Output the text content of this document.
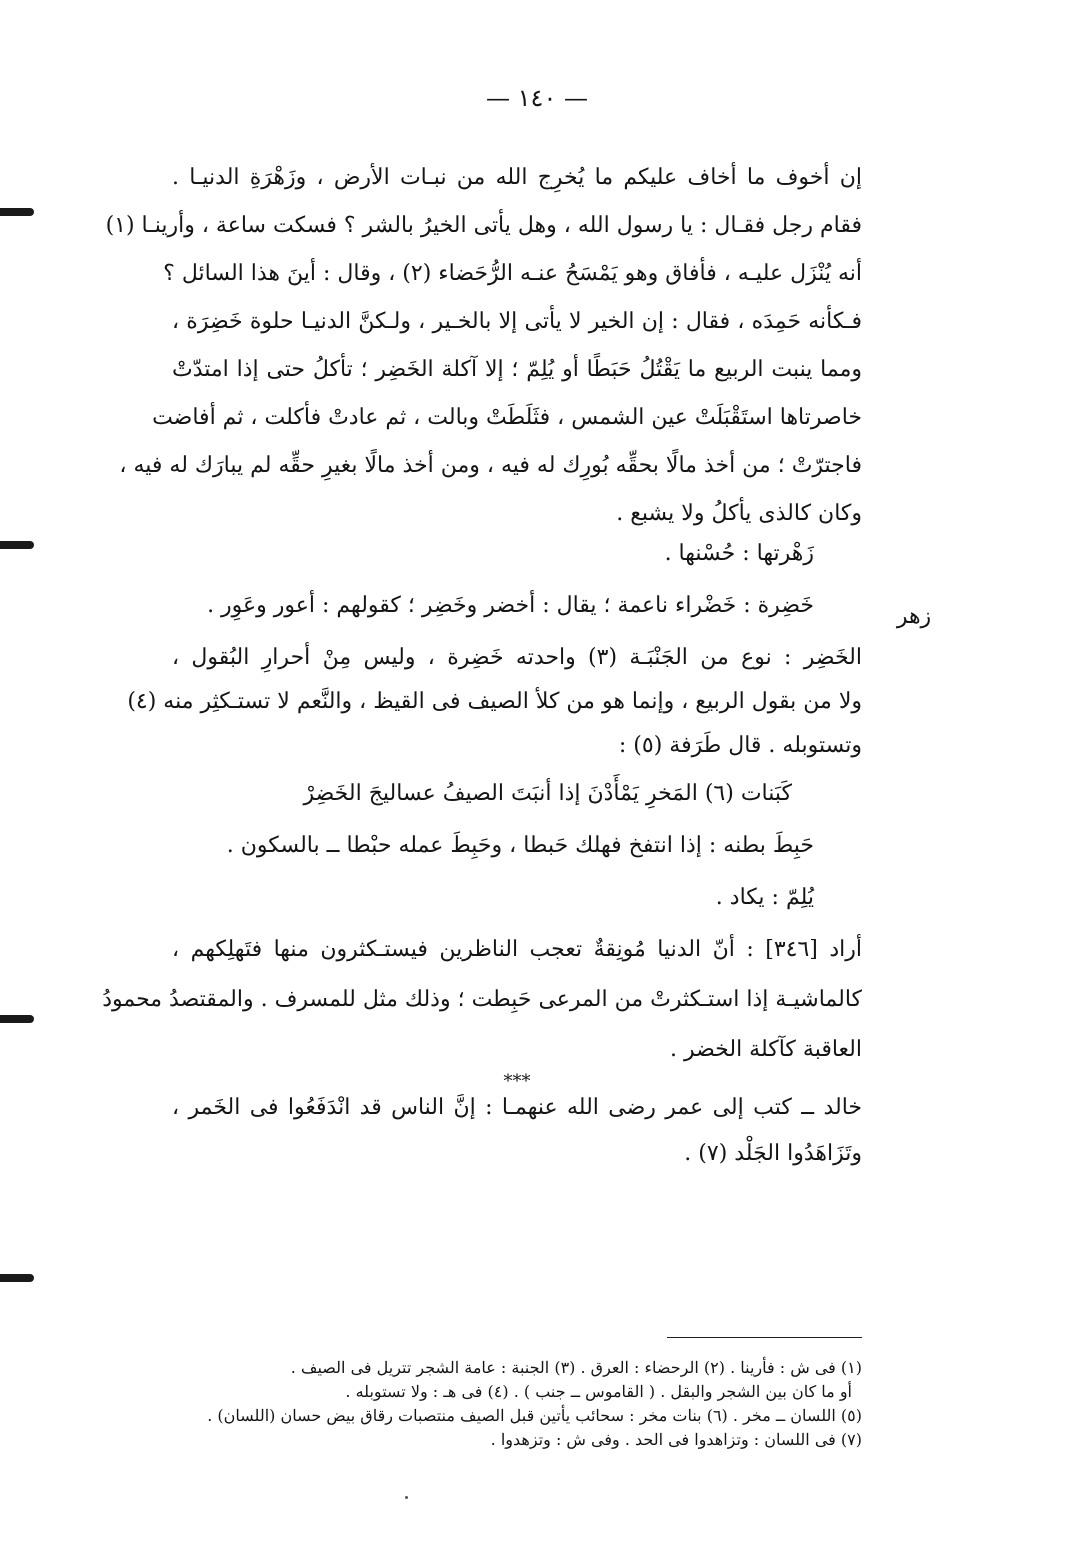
— ١٤٠ —
إن أخوف ما أخاف عليكم ما يُخرِج الله من نبـات الأرض ، وزَهْرَةِ الدنيـا .
فقام رجل فقـال : يا رسول الله ، وهل يأتى الخيرُ بالشر ؟ فسكت ساعة ، وأرينـا (١)
أنه يُنْزَل عليـه ، فأفاق وهو يَمْسَحُ عنـه الرُّحَضاء (٢) ، وقال : أينَ هذا السائل ؟
فـكأنه حَمِدَه ، فقال : إن الخير لا يأتى إلا بالخـير ، ولـكنَّ الدنيـا حلوة خَضِرَة ،
ومما ينبت الربيع ما يَقْتُلُ حَبَطًا أو يُلِمّ ؛ إلا آكلة الخَضِر ؛ تأكلُ حتى إذا امتدّتْ
خاصرتاها استَقْبَلَتْ عين الشمس ، فثَلَطَتْ وبالت ، ثم عادتْ فأكلت ، ثم أفاضت
فاجترّتْ ؛ من أخذ مالًا بحقِّه بُورِك له فيه ، ومن أخذ مالًا بغيرِ حقِّه لم يبارَك له فيه ،
وكان كالذى يأكلُ ولا يشبع .
زَهْرتها : حُسْنها .
خَضِرة : خَضْراء ناعمة ؛ يقال : أخضر وخَضِر ؛ كقولهم : أعور وعَوِر .
الخَضِر : نوع من الجَنْبَـة (٣) واحدته خَضِرة ، وليس مِنْ أحرارِ البُقول ،
ولا من بقول الربيع ، وإنما هو من كلأ الصيف فى القيظ ، والنَّعم لا تستـكثِر منه (٤)
وتستوبله . قال طَرَفة (٥) :
كَبَنات (٦) المَخرِ يَمْأَدْنَ إذا أنبَتَ الصيفُ عساليجَ الخَضِرْ
حَبِطَ بطنه : إذا انتفخ فهلك حَبطا ، وحَبِطَ عمله حبْطا ــ بالسكون .
يُلِمّ : يكاد .
أراد [٣٤٦] : أنّ الدنيا مُونِقةٌ تعجب الناظرين فيستـكثرون منها فتَهلِكهم ،
كالماشيـة إذا استـكثرتْ من المرعى حَبِطت ؛ وذلك مثل للمسرف . والمقتصدُ محمودُ
العاقبة كآكلة الخضر .
***
خالد ــ كتب إلى عمر رضى الله عنهمـا : إنَّ الناس قد انْدَفَعُوا فى الخَمر ،
وتَزَاهَدُوا الجَلْد (٧) .
زهر
(١) فى ش : فأرينا . (٢) الرحضاء : العرق . (٣) الجنبة : عامة الشجر تتريل فى الصيف .
أو ما كان بين الشجر والبقل . ( القاموس ــ جنب ) . (٤) فى هـ : ولا تستوبله .
(٥) اللسان ــ مخر . (٦) بنات مخر : سحائب يأتين قبل الصيف منتصبات رقاق بيض حسان (اللسان) .
(٧) فى اللسان : وتزاهدوا فى الحد . وفى ش : وتزهدوا .
